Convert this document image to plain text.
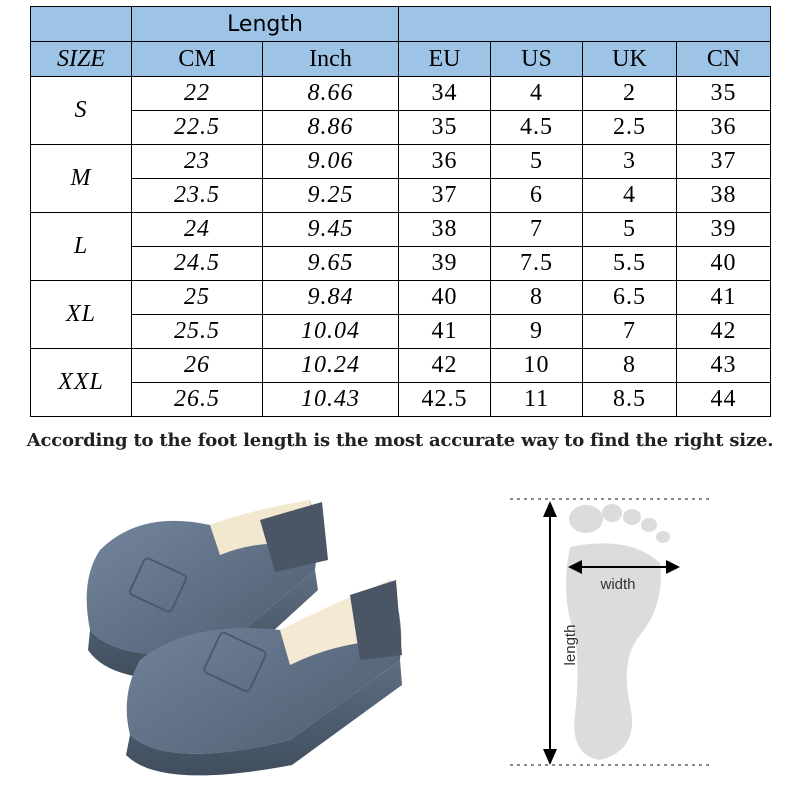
	Length					
SIZE	CM	Inch	EU	US	UK	CN
S	22	8.66	34	4	2	35
	22.5	8.86	35	4.5	2.5	36
M	23	9.06	36	5	3	37
	23.5	9.25	37	6	4	38
L	24	9.45	38	7	5	39
	24.5	9.65	39	7.5	5.5	40
XL	25	9.84	40	8	6.5	41
	25.5	10.04	41	9	7	42
XXL	26	10.24	42	10	8	43
	26.5	10.43	42.5	11	8.5	44
According to the foot length is the most accurate way to find the right size.
width
length
